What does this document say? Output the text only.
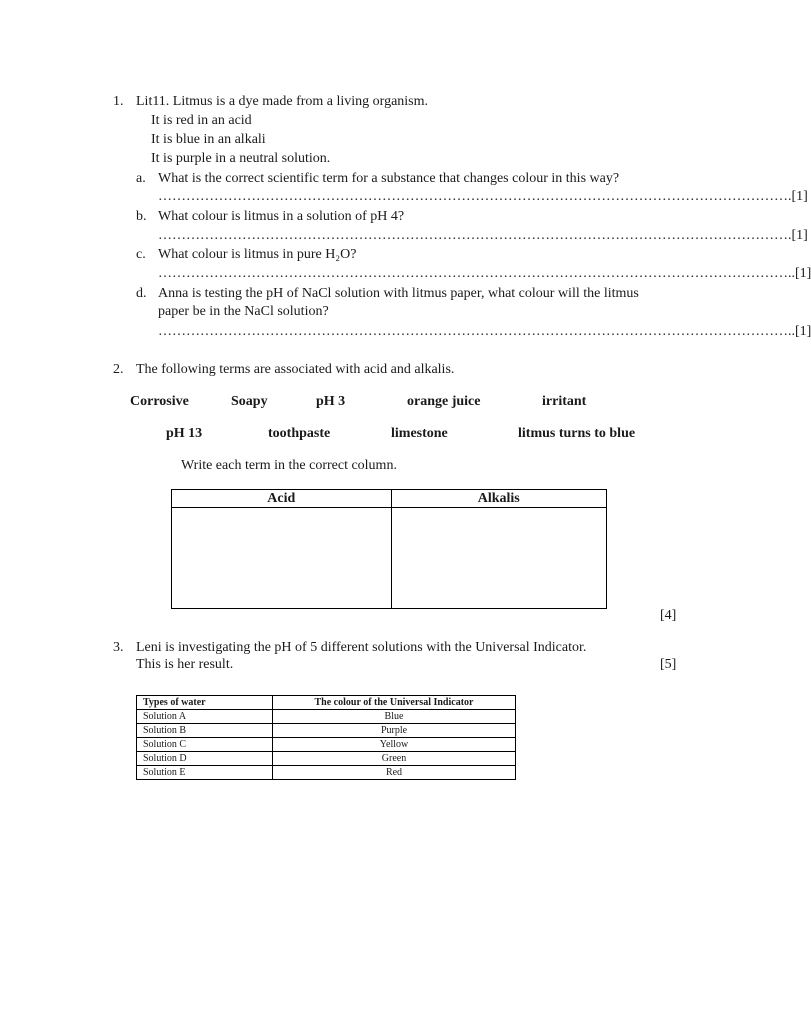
1. Lit11. Litmus is a dye made from a living organism.
It is red in an acid
It is blue in an alkali
It is purple in a neutral solution.
a. What is the correct scientific term for a substance that changes colour in this way?
……………………………………………………………………………………………………………………….[1]
b. What colour is litmus in a solution of pH 4?
……………………………………………………………………………………………………………………….[1]
c. What colour is litmus in pure H₂O?
………………………………………………………………………………………………………………………..[1]
d. Anna is testing the pH of NaCl solution with litmus paper, what colour will the litmus
paper be in the NaCl solution?
………………………………………………………………………………………………………………………..[1]
2. The following terms are associated with acid and alkalis.
Corrosive	Soapy	pH 3	orange juice	irritant
pH 13	toothpaste	limestone	litmus turns to blue
Write each term in the correct column.
Acid	Alkalis

[4]
3. Leni is investigating the pH of 5 different solutions with the Universal Indicator.
This is her result.	[5]
Types of water	The colour of the Universal Indicator
Solution A	Blue
Solution B	Purple
Solution C	Yellow
Solution D	Green
Solution E	Red
